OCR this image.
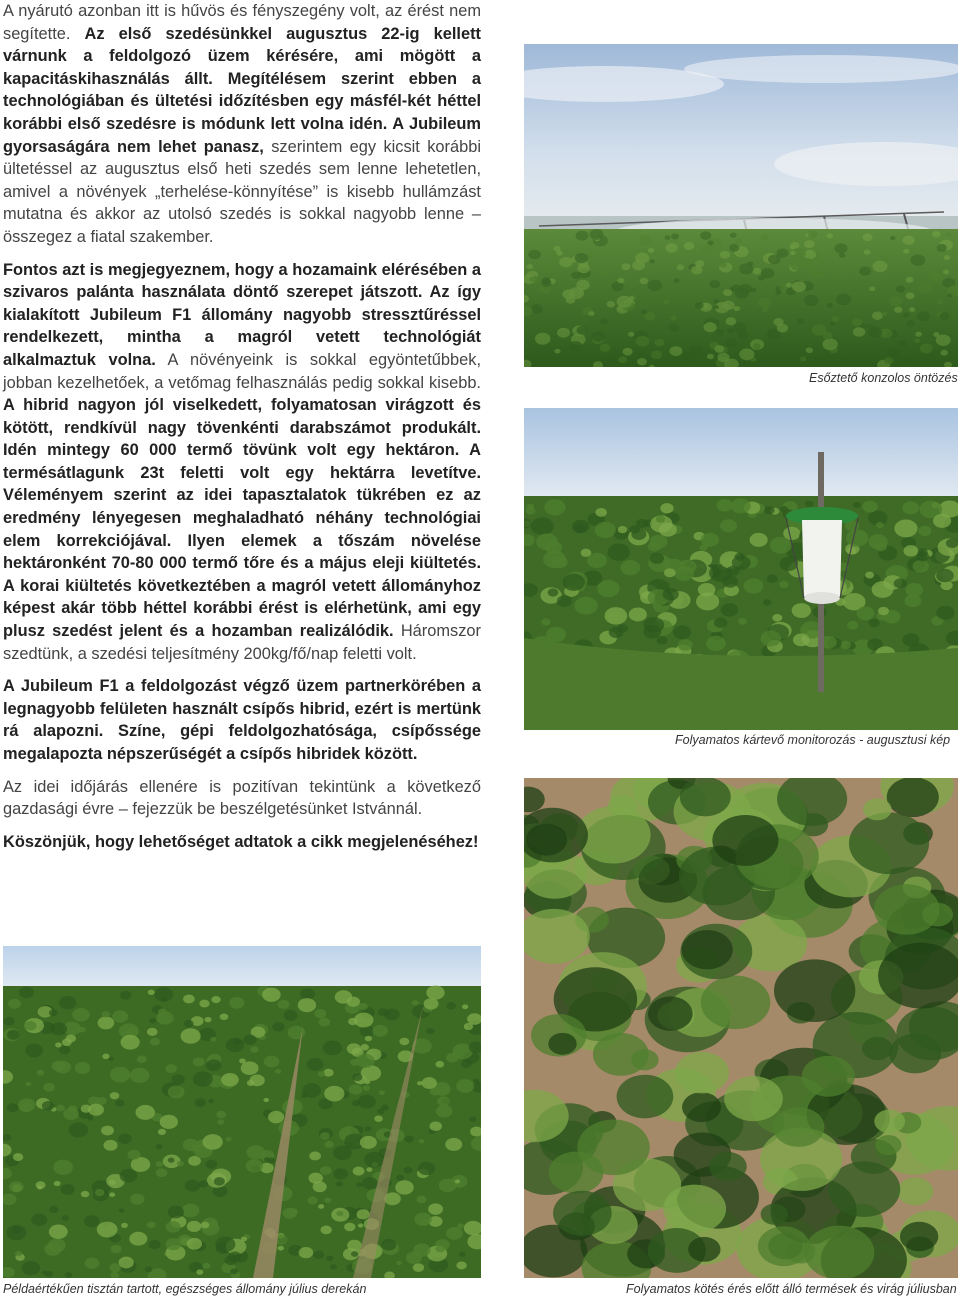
A nyárutó azonban itt is hűvös és fényszegény volt, az érést nem segítette. Az első szedésünkkel augusztus 22-ig kellett várnunk a feldolgozó üzem kérésére, ami mögött a kapacitáskihasználás állt. Megítélésem szerint ebben a technológiában és ültetési időzítésben egy másfél-két héttel korábbi első szedésre is módunk lett volna idén. A Jubileum gyorsaságára nem lehet panasz, szerintem egy kicsit korábbi ültetéssel az augusztus első heti szedés sem lenne lehetetlen, amivel a növények „terhelése-könnyítése” is kisebb hullámzást mutatna és akkor az utolsó szedés is sokkal nagyobb lenne – összegez a fiatal szakember.

Fontos azt is megjegyeznem, hogy a hozamaink elérésében a szivaros palánta használata döntő szerepet játszott. Az így kialakított Jubileum F1 állomány nagyobb stressztűréssel rendelkezett, mintha a magról vetett technológiát alkalmaztuk volna. A növényeink is sokkal egyöntetűbbek, jobban kezelhetőek, a vetőmag felhasználás pedig sokkal kisebb. A hibrid nagyon jól viselkedett, folyamatosan virágzott és kötött, rendkívül nagy tövenkénti darabszámot produkált. Idén mintegy 60 000 termő tövünk volt egy hektáron. A termésátlagunk 23t feletti volt egy hektárra levetítve. Véleményem szerint az idei tapasztalatok tükrében ez az eredmény lényegesen meghaladható néhány technológiai elem korrekciójával. Ilyen elemek a tőszám növelése hektáronként 70-80 000 termő tőre és a május eleji kiültetés. A korai kiültetés következtében a magról vetett állományhoz képest akár több héttel korábbi érést is elérhetünk, ami egy plusz szedést jelent és a hozamban realizálódik. Háromszor szedtünk, a szedési teljesítmény 200kg/fő/nap feletti volt.

A Jubileum F1 a feldolgozást végző üzem partnerkörében a legnagyobb felületen használt csípős hibrid, ezért is mertünk rá alapozni. Színe, gépi feldolgozhatósága, csípőssége megalapozta népszerűségét a csípős hibridek között.

Az idei időjárás ellenére is pozitívan tekintünk a következő gazdasági évre – fejezzük be beszélgetésünket Istvánnál.

Köszönjük, hogy lehetőséget adtatok a cikk megjelenéséhez!

Esőztető konzolos öntözés
Folyamatos kártevő monitorozás - augusztusi kép
Példaértékűen tisztán tartott, egészséges állomány július derekán	Folyamatos kötés érés előtt álló termések és virág júliusban
